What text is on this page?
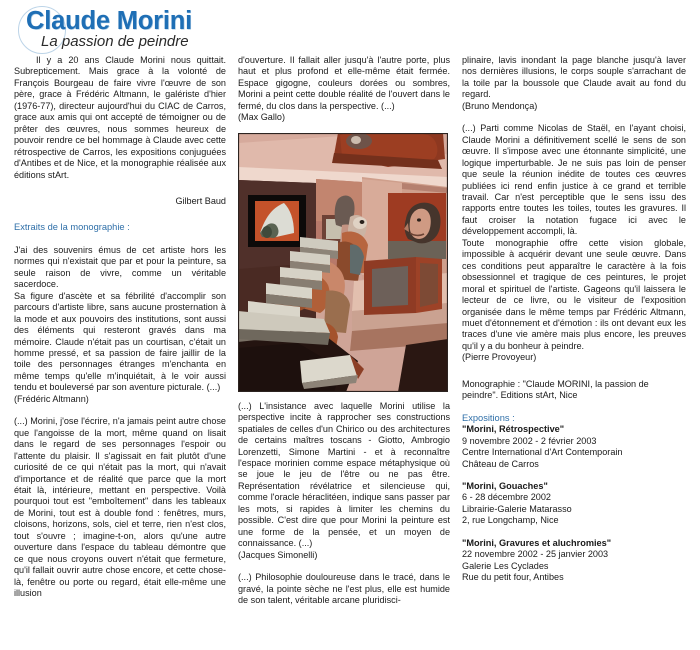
Claude Morini
La passion de peindre

Il y a 20 ans Claude Morini nous quittait. Subrepticement. Mais grace à la volonté de François Bourgeau de faire vivre l'œuvre de son père, grace à Frédéric Altmann, le galériste d'hier (1976-77), directeur aujourd'hui du CIAC de Carros, grace aux amis qui ont accepté de témoigner ou de prêter des œuvres, nous sommes heureux de pouvoir rendre ce bel hommage à Claude avec cette rétrospective de Carros, les expositions conjuguées d'Antibes et de Nice, et la monographie réalisée aux éditions stArt.

Gilbert Baud

Extraits de la monographie :

J'ai des souvenirs émus de cet artiste hors les normes qui n'existait que par et pour la peinture, sa seule raison de vivre, comme un véritable sacerdoce.

Sa figure d'ascète et sa fébrilité d'accomplir son parcours d'artiste libre, sans aucune prosternation à la mode et aux pouvoirs des institutions, sont aussi des éléments qui resteront gravés dans ma mémoire. Claude n'était pas un courtisan, c'était un homme pressé, et sa passion de faire jaillir de la toile des personnages étranges m'enchanta en même temps qu'elle m'inquiétait, à le voir aussi tendu et bouleversé par son aventure picturale. (...)

(Frédéric Altmann)

(...) Morini, j'ose l'écrire, n'a jamais peint autre chose que l'angoisse de la mort, même quand on lisait dans le regard de ses personnages l'espoir ou l'attente du plaisir. Il s'agissait en fait plutôt d'une curiosité de ce qui n'était pas la mort, qui n'avait d'importance et de réalité que parce que la mort était là, intérieure, mettant en perspective. Voilà pourquoi tout est "emboîtement" dans les tableaux de Morini, tout est à double fond : fenêtres, murs, cloisons, horizons, sols, ciel et terre, rien n'est clos, tout s'ouvre ; imagine-t-on, alors qu'une autre ouverture dans l'espace du tableau démontre que ce que nous croyons ouvert n'était que fermeture, qu'il fallait ouvrir autre chose encore, et cette chose-là, fenêtre ou porte ou regard, était elle-même une illusion

d'ouverture. Il fallait aller jusqu'à l'autre porte, plus haut et plus profond et elle-même était fermée. Espace gigogne, couleurs dorées ou sombres, Morini a peint cette double réalité de l'ouvert dans le fermé, du clos dans la perspective. (...)

(Max Gallo)

(...) L'insistance avec laquelle Morini utilise la perspective incite à rapprocher ses constructions spatiales de celles d'un Chirico ou des architectures de certains maîtres toscans - Giotto, Ambrogio Lorenzetti, Simone Martini - et à reconnaître l'espace morinien comme espace métaphysique où se joue le jeu de l'être ou ne pas être. Représentation révélatrice et silencieuse qui, comme l'oracle héraclitéen, indique sans passer par les mots, si rapides à limiter les chemins du possible. C'est dire que pour Morini la peinture est une forme de la pensée, et un moyen de connaissance. (...)

(Jacques Simonelli)

(...) Philosophie douloureuse dans le tracé, dans le gravé, la pointe sèche ne l'est plus, elle est humide de son talent, véritable arcane pluridisci-

plinaire, lavis inondant la page blanche jusqu'à laver nos dernières illusions, le corps souple s'arrachant de la toile par la boussole que Claude avait au fond du regard.

(Bruno Mendonça)

(...) Parti comme Nicolas de Staël, en l'ayant choisi, Claude Morini a définitivement scellé le sens de son œuvre. Il s'impose avec une étonnante simplicité, une logique imperturbable. Je ne suis pas loin de penser que seule la réunion inédite de toutes ces œuvres publiées ici rend enfin justice à ce grand et terrible travail. Car n'est perceptible que le sens issu des rapports entre toutes les toiles, toutes les gravures. Il faut croiser la notation fugace ici avec le développement accompli, là.

Toute monographie offre cette vision globale, impossible à acquérir devant une seule œuvre. Dans ces conditions peut apparaître le caractère à la fois obsessionnel et tragique de ces peintures, le projet moral et spirituel de l'artiste. Gageons qu'il laissera le lecteur de ce livre, ou le visiteur de l'exposition organisée dans le même temps par Frédéric Altmann, muet d'étonnement et d'émotion : ils ont devant eux les traces d'une vie amère mais plus encore, les preuves qu'il y a du bonheur à peindre.

(Pierre Provoyeur)

Monographie : "Claude MORINI, la passion de

peindre". Editions stArt, Nice

Expositions :

"Morini, Rétrospective"

9 novembre 2002 - 2 février 2003

Centre International d'Art Contemporain

Château de Carros

"Morini, Gouaches"

6 - 28 décembre 2002

Librairie-Galerie Matarasso

2, rue Longchamp, Nice

"Morini, Gravures et aluchromies"

22 novembre 2002 - 25 janvier 2003

Galerie Les Cyclades

Rue du petit four, Antibes
